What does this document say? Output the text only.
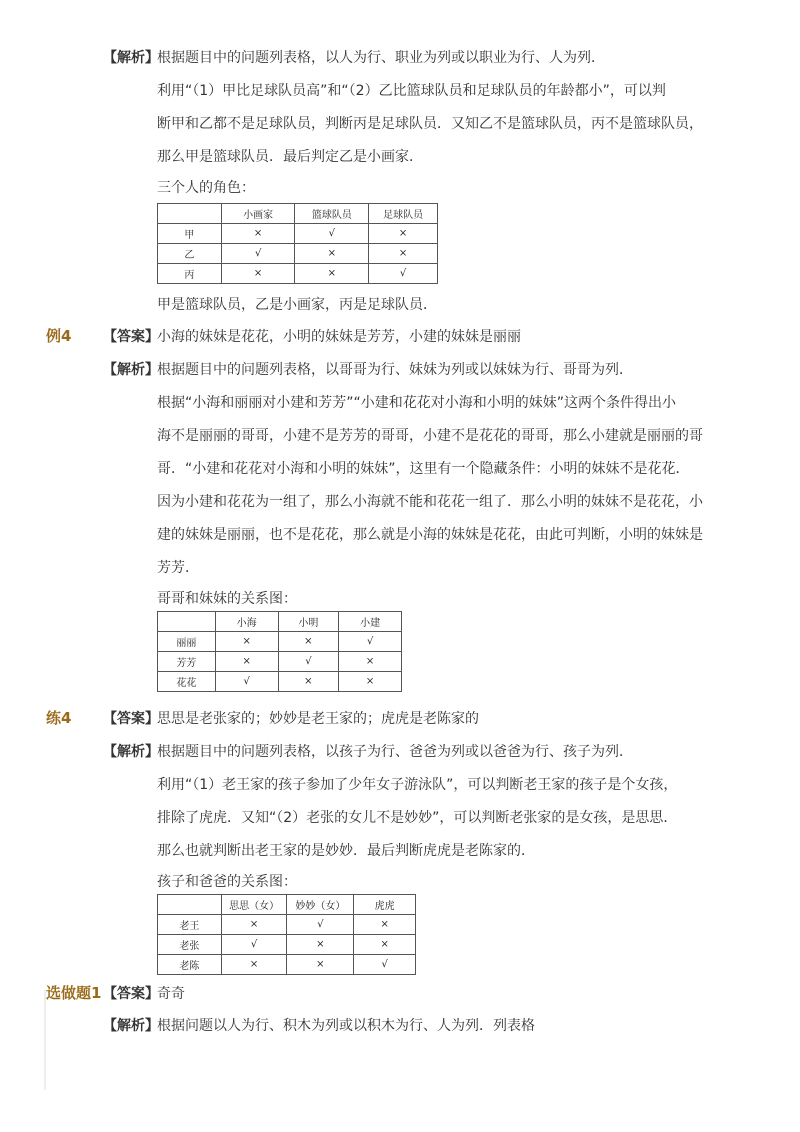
【解析】
根据题目中的问题列表格，以人为行、职业为列或以职业为行、人为列．
利用“（1）甲比足球队员高”和“（2）乙比篮球队员和足球队员的年龄都小”，可以判
断甲和乙都不是足球队员，判断丙是足球队员．又知乙不是篮球队员，丙不是篮球队员，
那么甲是篮球队员．最后判定乙是小画家．
三个人的角色：
	小画家	篮球队员	足球队员
甲	×	√	×
乙	√	×	×
丙	×	×	√
甲是篮球队员，乙是小画家，丙是足球队员．
例4 【答案】
小海的妹妹是花花，小明的妹妹是芳芳，小建的妹妹是丽丽
【解析】
根据题目中的问题列表格，以哥哥为行、妹妹为列或以妹妹为行、哥哥为列．
根据“小海和丽丽对小建和芳芳”“小建和花花对小海和小明的妹妹”这两个条件得出小
海不是丽丽的哥哥，小建不是芳芳的哥哥，小建不是花花的哥哥，那么小建就是丽丽的哥
哥．“小建和花花对小海和小明的妹妹”，这里有一个隐藏条件：小明的妹妹不是花花．
因为小建和花花为一组了，那么小海就不能和花花一组了．那么小明的妹妹不是花花，小
建的妹妹是丽丽，也不是花花，那么就是小海的妹妹是花花，由此可判断，小明的妹妹是
芳芳．
哥哥和妹妹的关系图：
	小海	小明	小建
丽丽	×	×	√
芳芳	×	√	×
花花	√	×	×
练4 【答案】
思思是老张家的；妙妙是老王家的；虎虎是老陈家的
【解析】
根据题目中的问题列表格，以孩子为行、爸爸为列或以爸爸为行、孩子为列．
利用“（1）老王家的孩子参加了少年女子游泳队”，可以判断老王家的孩子是个女孩，
排除了虎虎．又知“（2）老张的女儿不是妙妙”，可以判断老张家的是女孩，是思思．
那么也就判断出老王家的是妙妙．最后判断虎虎是老陈家的．
孩子和爸爸的关系图：
	思思（女）	妙妙（女）	虎虎
老王	×	√	×
老张	√	×	×
老陈	×	×	√
选做题1 【答案】
奇奇
【解析】
根据问题以人为行、积木为列或以积木为行、人为列．列表格
